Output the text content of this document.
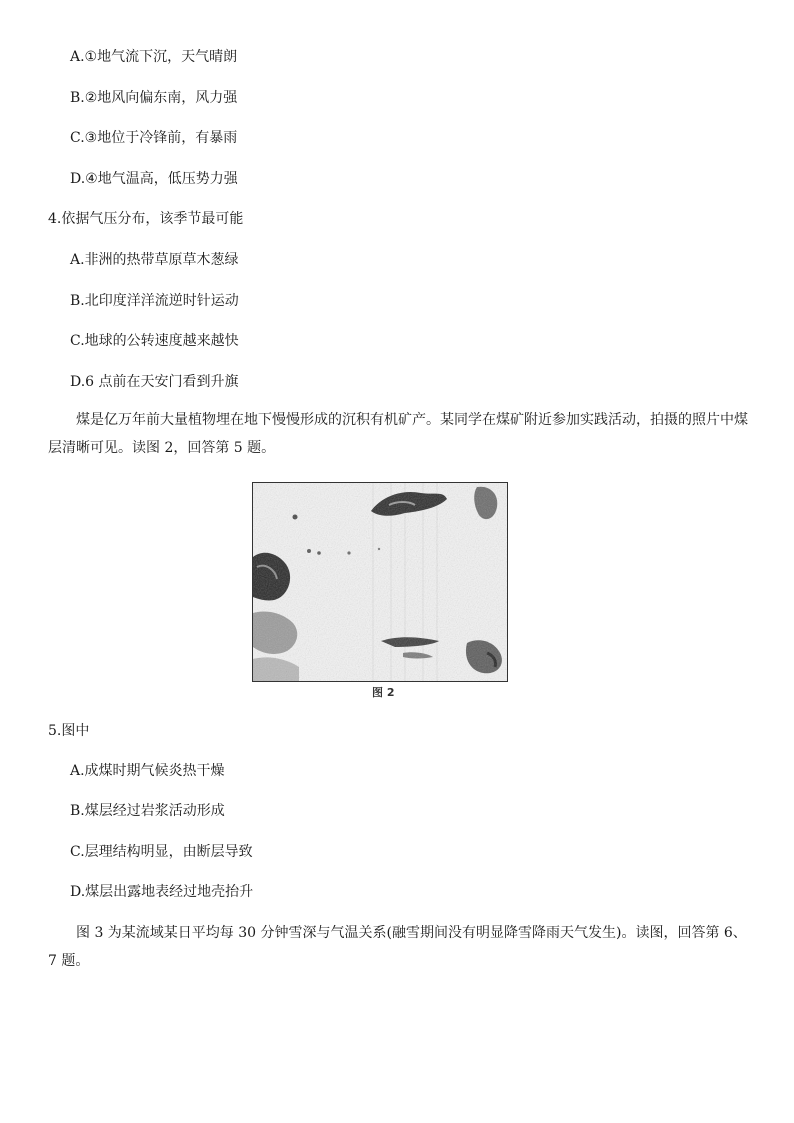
A.①地气流下沉，天气晴朗
B.②地风向偏东南，风力强
C.③地位于冷锋前，有暴雨
D.④地气温高，低压势力强
4.依据气压分布，该季节最可能
A.非洲的热带草原草木葱绿
B.北印度洋洋流逆时针运动
C.地球的公转速度越来越快
D.6 点前在天安门看到升旗
煤是亿万年前大量植物埋在地下慢慢形成的沉积有机矿产。某同学在煤矿附近参加实践活动，拍摄的照片中煤层清晰可见。读图 2，回答第 5 题。
图 2
5.图中
A.成煤时期气候炎热干燥
B.煤层经过岩浆活动形成
C.层理结构明显，由断层导致
D.煤层出露地表经过地壳抬升
图 3 为某流域某日平均每 30 分钟雪深与气温关系(融雪期间没有明显降雪降雨天气发生)。读图，回答第 6、7 题。
